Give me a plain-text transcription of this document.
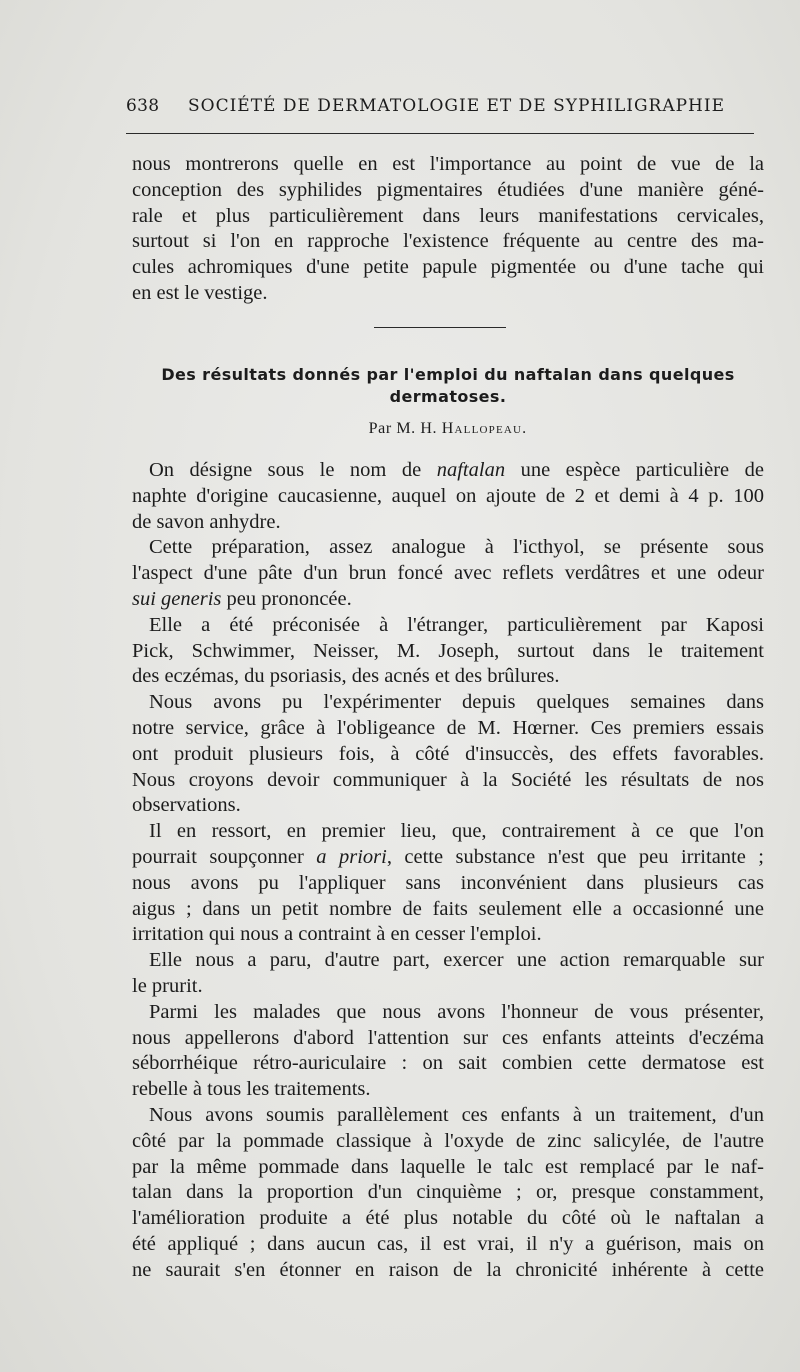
638 SOCIÉTÉ DE DERMATOLOGIE ET DE SYPHILIGRAPHIE
nous montrerons quelle en est l'importance au point de vue de la
conception des syphilides pigmentaires étudiées d'une manière géné-
rale et plus particulièrement dans leurs manifestations cervicales,
surtout si l'on en rapproche l'existence fréquente au centre des ma-
cules achromiques d'une petite papule pigmentée ou d'une tache qui
en est le vestige.
Des résultats donnés par l'emploi du naftalan dans quelques
dermatoses.
Par M. H. Hallopeau.
On désigne sous le nom de naftalan une espèce particulière de
naphte d'origine caucasienne, auquel on ajoute de 2 et demi à 4 p. 100
de savon anhydre.
Cette préparation, assez analogue à l'icthyol, se présente sous
l'aspect d'une pâte d'un brun foncé avec reflets verdâtres et une odeur
sui generis peu prononcée.
Elle a été préconisée à l'étranger, particulièrement par Kaposi
Pick, Schwimmer, Neisser, M. Joseph, surtout dans le traitement
des eczémas, du psoriasis, des acnés et des brûlures.
Nous avons pu l'expérimenter depuis quelques semaines dans
notre service, grâce à l'obligeance de M. Hœrner. Ces premiers essais
ont produit plusieurs fois, à côté d'insuccès, des effets favorables.
Nous croyons devoir communiquer à la Société les résultats de nos
observations.
Il en ressort, en premier lieu, que, contrairement à ce que l'on
pourrait soupçonner a priori, cette substance n'est que peu irritante ;
nous avons pu l'appliquer sans inconvénient dans plusieurs cas
aigus ; dans un petit nombre de faits seulement elle a occasionné une
irritation qui nous a contraint à en cesser l'emploi.
Elle nous a paru, d'autre part, exercer une action remarquable sur
le prurit.
Parmi les malades que nous avons l'honneur de vous présenter,
nous appellerons d'abord l'attention sur ces enfants atteints d'eczéma
séborrhéique rétro-auriculaire : on sait combien cette dermatose est
rebelle à tous les traitements.
Nous avons soumis parallèlement ces enfants à un traitement, d'un
côté par la pommade classique à l'oxyde de zinc salicylée, de l'autre
par la même pommade dans laquelle le talc est remplacé par le naf-
talan dans la proportion d'un cinquième ; or, presque constamment,
l'amélioration produite a été plus notable du côté où le naftalan a
été appliqué ; dans aucun cas, il est vrai, il n'y a guérison, mais on
ne saurait s'en étonner en raison de la chronicité inhérente à cette
